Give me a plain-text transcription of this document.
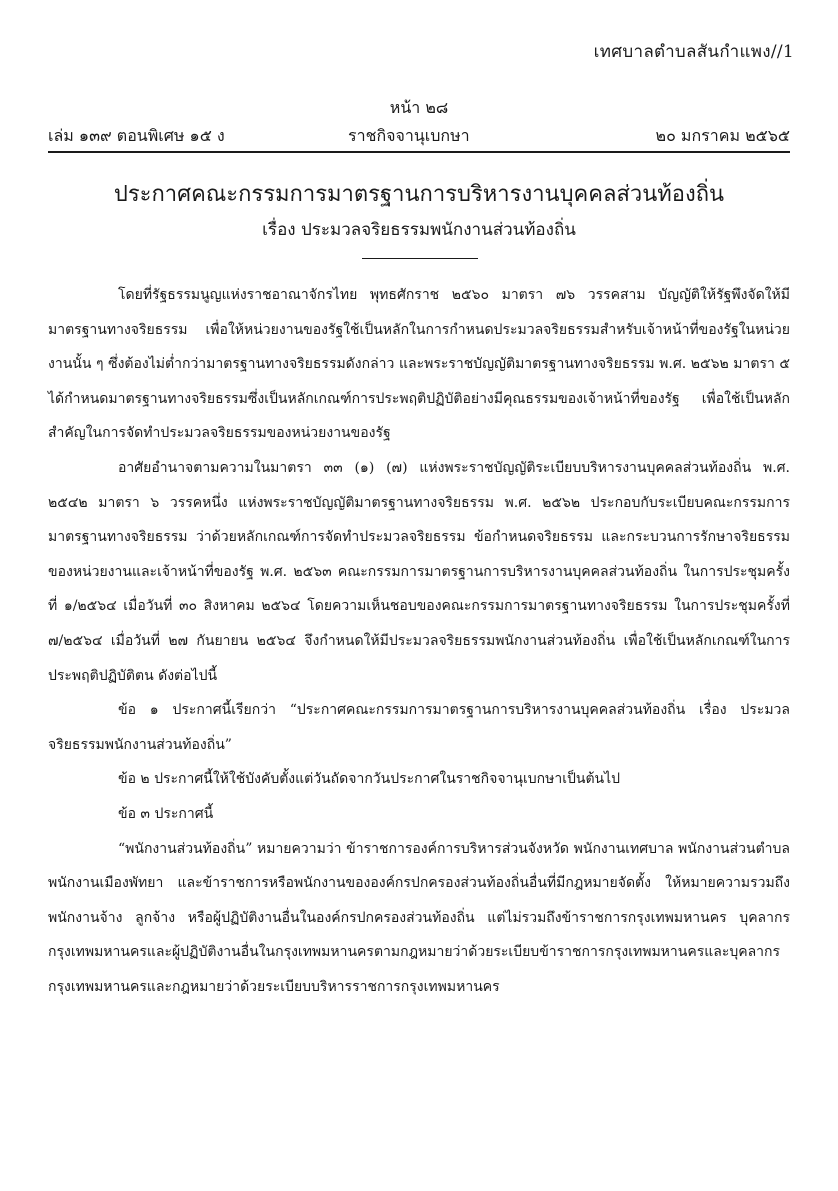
เทศบาลตำบลสันกำแพง//1
หน้า ๒๘
เล่ม ๑๓๙ ตอนพิเศษ ๑๕ ง	ราชกิจจานุเบกษา	๒๐ มกราคม ๒๕๖๕
ประกาศคณะกรรมการมาตรฐานการบริหารงานบุคคลส่วนท้องถิ่น
เรื่อง ประมวลจริยธรรมพนักงานส่วนท้องถิ่น

โดยที่รัฐธรรมนูญแห่งราชอาณาจักรไทย พุทธศักราช ๒๕๖๐ มาตรา ๗๖ วรรคสาม บัญญัติให้รัฐพึงจัดให้มีมาตรฐานทางจริยธรรม เพื่อให้หน่วยงานของรัฐใช้เป็นหลักในการกำหนดประมวลจริยธรรมสำหรับเจ้าหน้าที่ของรัฐในหน่วยงานนั้น ๆ ซึ่งต้องไม่ต่ำกว่ามาตรฐานทางจริยธรรมดังกล่าว และพระราชบัญญัติมาตรฐานทางจริยธรรม พ.ศ. ๒๕๖๒ มาตรา ๕ ได้กำหนดมาตรฐานทางจริยธรรมซึ่งเป็นหลักเกณฑ์การประพฤติปฏิบัติอย่างมีคุณธรรมของเจ้าหน้าที่ของรัฐ เพื่อใช้เป็นหลักสำคัญในการจัดทำประมวลจริยธรรมของหน่วยงานของรัฐ

อาศัยอำนาจตามความในมาตรา ๓๓ (๑) (๗) แห่งพระราชบัญญัติระเบียบบริหารงานบุคคลส่วนท้องถิ่น พ.ศ. ๒๕๔๒ มาตรา ๖ วรรคหนึ่ง แห่งพระราชบัญญัติมาตรฐานทางจริยธรรม พ.ศ. ๒๕๖๒ ประกอบกับระเบียบคณะกรรมการมาตรฐานทางจริยธรรม ว่าด้วยหลักเกณฑ์การจัดทำประมวลจริยธรรม ข้อกำหนดจริยธรรม และกระบวนการรักษาจริยธรรมของหน่วยงานและเจ้าหน้าที่ของรัฐ พ.ศ. ๒๕๖๓ คณะกรรมการมาตรฐานการบริหารงานบุคคลส่วนท้องถิ่น ในการประชุมครั้งที่ ๑/๒๕๖๔ เมื่อวันที่ ๓๐ สิงหาคม ๒๕๖๔ โดยความเห็นชอบของคณะกรรมการมาตรฐานทางจริยธรรม ในการประชุมครั้งที่ ๗/๒๕๖๔ เมื่อวันที่ ๒๗ กันยายน ๒๕๖๔ จึงกำหนดให้มีประมวลจริยธรรมพนักงานส่วนท้องถิ่น เพื่อใช้เป็นหลักเกณฑ์ในการประพฤติปฏิบัติตน ดังต่อไปนี้

ข้อ ๑ ประกาศนี้เรียกว่า “ประกาศคณะกรรมการมาตรฐานการบริหารงานบุคคลส่วนท้องถิ่น เรื่อง ประมวลจริยธรรมพนักงานส่วนท้องถิ่น”

ข้อ ๒ ประกาศนี้ให้ใช้บังคับตั้งแต่วันถัดจากวันประกาศในราชกิจจานุเบกษาเป็นต้นไป

ข้อ ๓ ประกาศนี้

“พนักงานส่วนท้องถิ่น” หมายความว่า ข้าราชการองค์การบริหารส่วนจังหวัด พนักงานเทศบาล พนักงานส่วนตำบล พนักงานเมืองพัทยา และข้าราชการหรือพนักงานขององค์กรปกครองส่วนท้องถิ่นอื่นที่มีกฎหมายจัดตั้ง ให้หมายความรวมถึงพนักงานจ้าง ลูกจ้าง หรือผู้ปฏิบัติงานอื่นในองค์กรปกครองส่วนท้องถิ่น แต่ไม่รวมถึงข้าราชการกรุงเทพมหานคร บุคลากรกรุงเทพมหานครและผู้ปฏิบัติงานอื่นในกรุงเทพมหานครตามกฎหมายว่าด้วยระเบียบข้าราชการกรุงเทพมหานครและบุคลากรกรุงเทพมหานครและกฎหมายว่าด้วยระเบียบบริหารราชการกรุงเทพมหานคร
